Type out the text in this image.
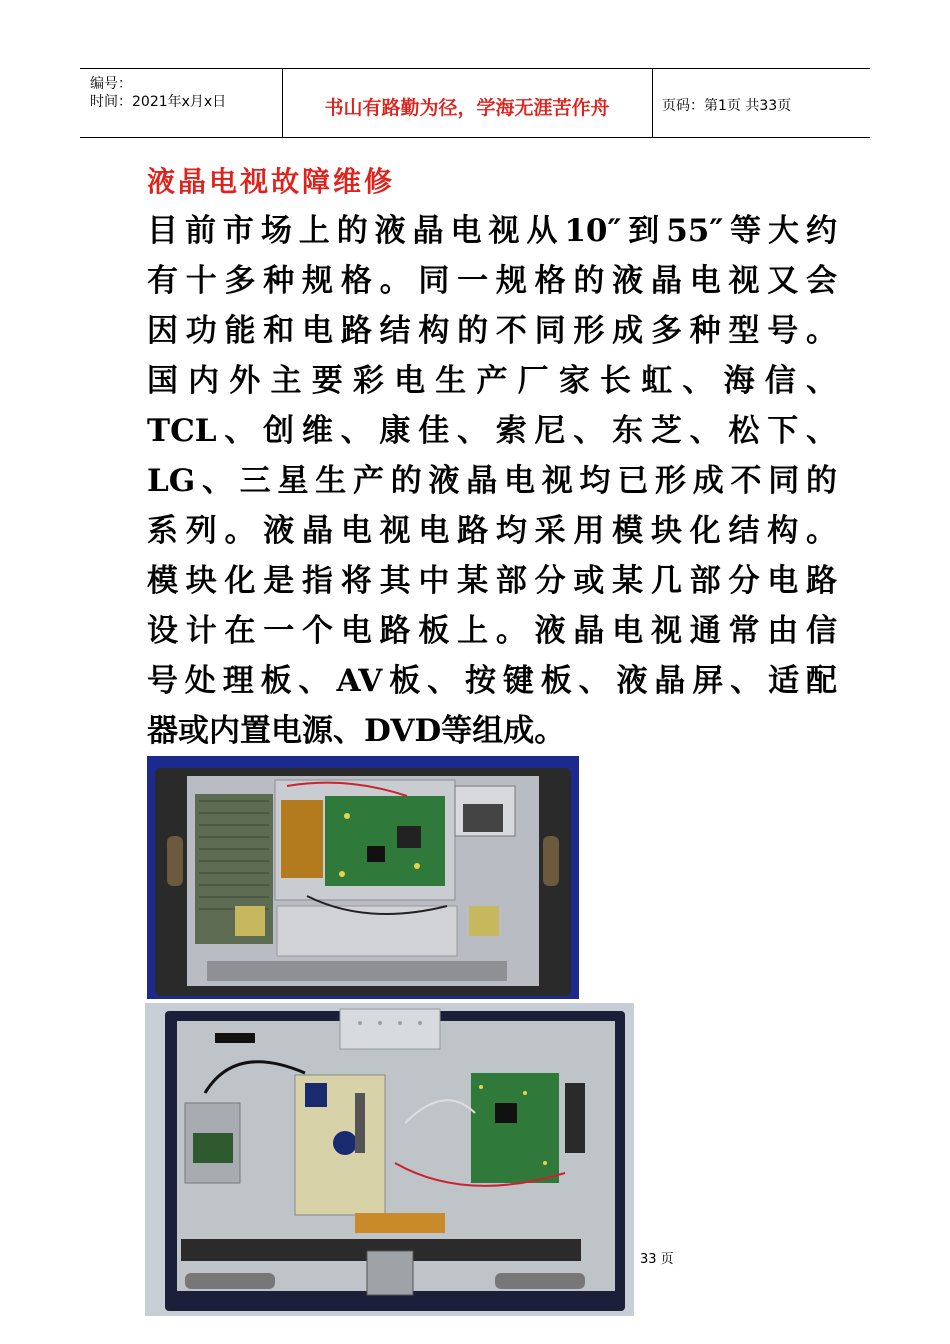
编号：
时间：2021年x月x日	书山有路勤为径，学海无涯苦作舟	页码：第1页 共33页
液晶电视故障维修
目前市场上的液晶电视从10″到55″等大约
有十多种规格。同一规格的液晶电视又会
因功能和电路结构的不同形成多种型号。
国内外主要彩电生产厂家长虹、海信、
TCL、创维、康佳、索尼、东芝、松下、
LG、三星生产的液晶电视均已形成不同的
系列。液晶电视电路均采用模块化结构。
模块化是指将其中某部分或某几部分电路
设计在一个电路板上。液晶电视通常由信
号处理板、AV板、按键板、液晶屏、适配
器或内置电源、DVD等组成。
33 页
